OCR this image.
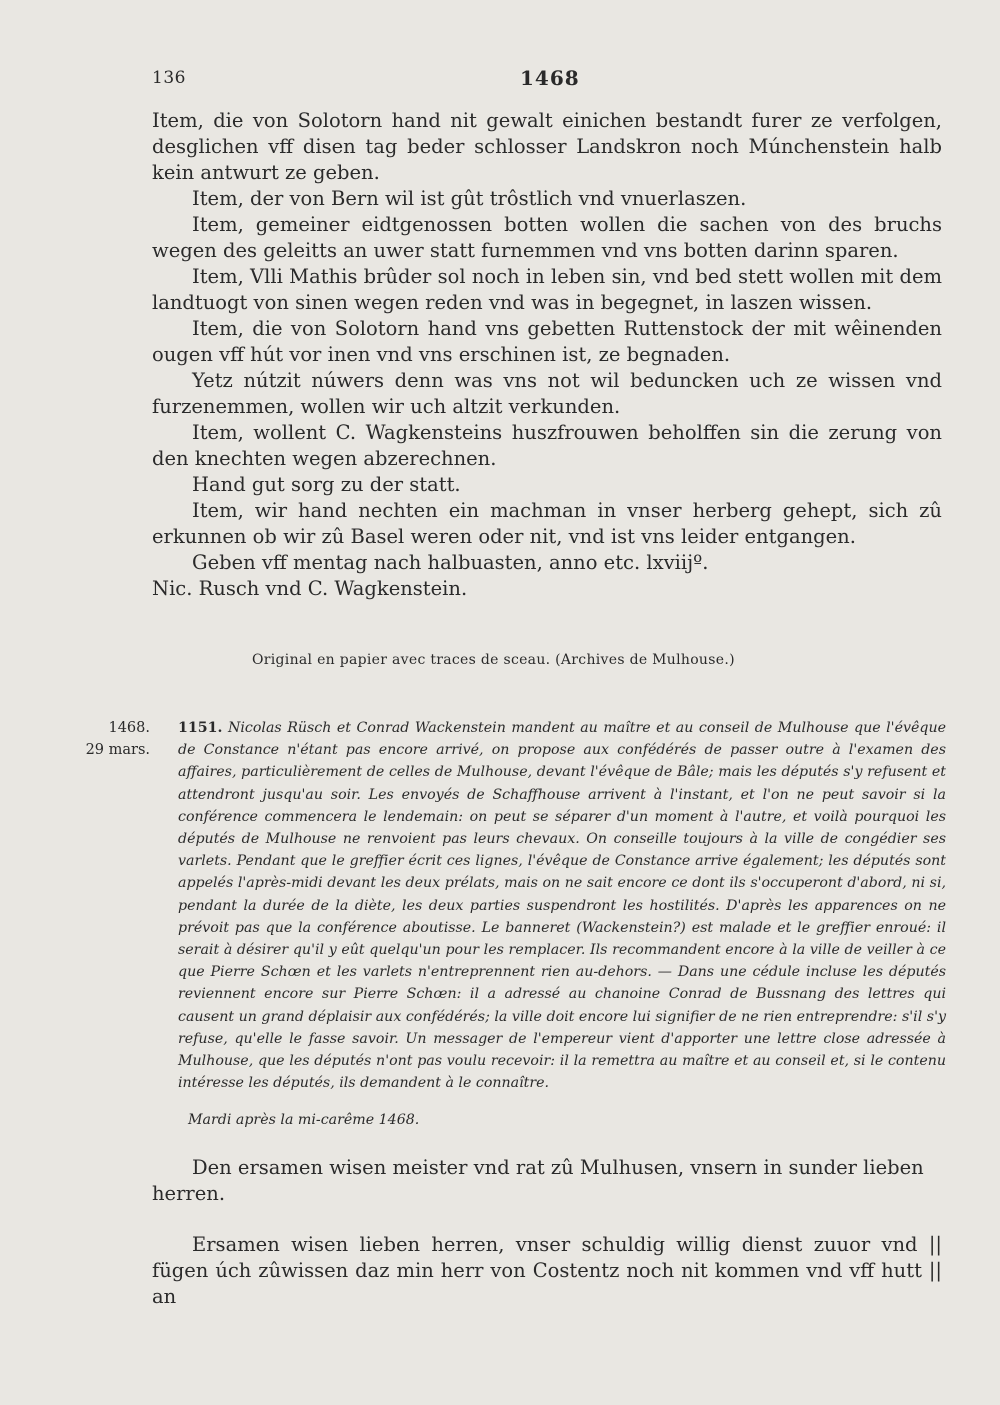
136	1468

Item, die von Solotorn hand nit gewalt einichen bestandt furer ze verfolgen, desglichen vff disen tag beder schlosser Landskron noch Múnchenstein halb kein antwurt ze geben.

Item, der von Bern wil ist gût trôstlich vnd vnuerlaszen.

Item, gemeiner eidtgenossen botten wollen die sachen von des bruchs wegen des geleitts an uwer statt furnemmen vnd vns botten darinn sparen.

Item, Vlli Mathis brûder sol noch in leben sin, vnd bed stett wollen mit dem landtuogt von sinen wegen reden vnd was in begegnet, in laszen wissen.

Item, die von Solotorn hand vns gebetten Ruttenstock der mit wêinenden ougen vff hút vor inen vnd vns erschinen ist, ze begnaden.

Yetz nútzit núwers denn was vns not wil beduncken uch ze wissen vnd furzenemmen, wollen wir uch altzit verkunden.

Item, wollent C. Wagkensteins huszfrouwen beholffen sin die zerung von den knechten wegen abzerechnen.

Hand gut sorg zu der statt.

Item, wir hand nechten ein machman in vnser herberg gehept, sich zû erkunnen ob wir zû Basel weren oder nit, vnd ist vns leider entgangen.

Geben vff mentag nach halbuasten, anno etc. lxviijº.

Nic. Rusch vnd C. Wagkenstein.

Original en papier avec traces de sceau. (Archives de Mulhouse.)
1468.
29 mars.
1151. Nicolas Rüsch et Conrad Wackenstein mandent au maître et au conseil de Mulhouse que l'évêque de Constance n'étant pas encore arrivé, on propose aux confédérés de passer outre à l'examen des affaires, particulièrement de celles de Mulhouse, devant l'évêque de Bâle; mais les députés s'y refusent et attendront jusqu'au soir. Les envoyés de Schaffhouse arrivent à l'instant, et l'on ne peut savoir si la conférence commencera le lendemain: on peut se séparer d'un moment à l'autre, et voilà pourquoi les députés de Mulhouse ne renvoient pas leurs chevaux. On conseille toujours à la ville de congédier ses varlets. Pendant que le greffier écrit ces lignes, l'évêque de Constance arrive également; les députés sont appelés l'après-midi devant les deux prélats, mais on ne sait encore ce dont ils s'occuperont d'abord, ni si, pendant la durée de la diète, les deux parties suspendront les hostilités. D'après les apparences on ne prévoit pas que la conférence aboutisse. Le banneret (Wackenstein?) est malade et le greffier enroué: il serait à désirer qu'il y eût quelqu'un pour les remplacer. Ils recommandent encore à la ville de veiller à ce que Pierre Schœn et les varlets n'entreprennent rien au-dehors. — Dans une cédule incluse les députés reviennent encore sur Pierre Schœn: il a adressé au chanoine Conrad de Bussnang des lettres qui causent un grand déplaisir aux confédérés; la ville doit encore lui signifier de ne rien entreprendre: s'il s'y refuse, qu'elle le fasse savoir. Un messager de l'empereur vient d'apporter une lettre close adressée à Mulhouse, que les députés n'ont pas voulu recevoir: il la remettra au maître et au conseil et, si le contenu intéresse les députés, ils demandent à le connaître.
Mardi après la mi-carême 1468.
Den ersamen wisen meister vnd rat zû Mulhusen, vnsern in sunder lieben herren.
Ersamen wisen lieben herren, vnser schuldig willig dienst zuuor vnd || fügen úch zûwissen daz min herr von Costentz noch nit kommen vnd vff hutt || an
